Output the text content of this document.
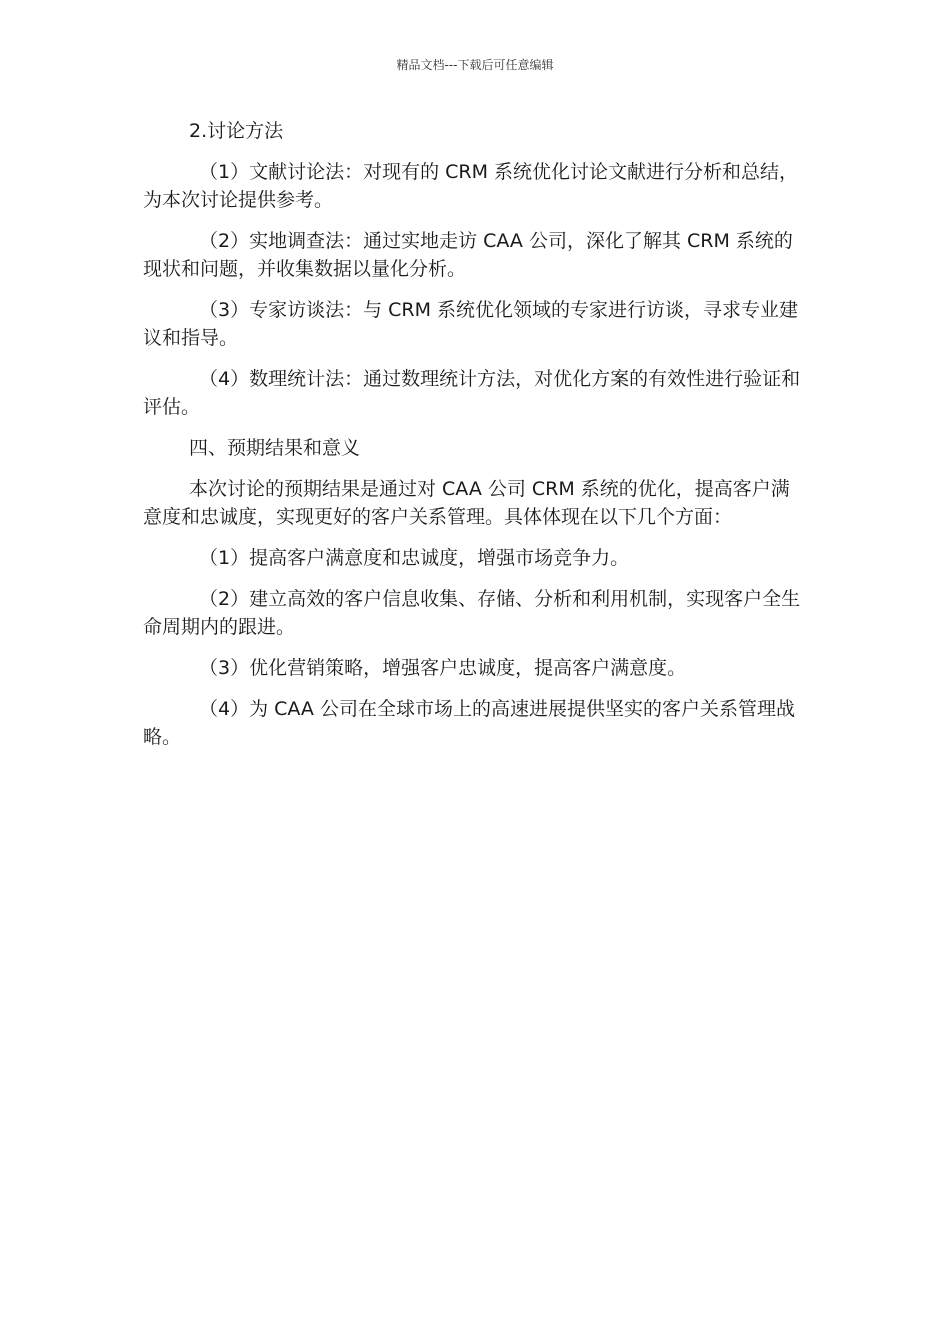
精品文档---下载后可任意编辑

2.讨论方法

（1）文献讨论法：对现有的 CRM 系统优化讨论文献进行分析和总结，为本次讨论提供参考。

（2）实地调查法：通过实地走访 CAA 公司，深化了解其 CRM 系统的现状和问题，并收集数据以量化分析。

（3）专家访谈法：与 CRM 系统优化领域的专家进行访谈，寻求专业建议和指导。

（4）数理统计法：通过数理统计方法，对优化方案的有效性进行验证和评估。

四、预期结果和意义

本次讨论的预期结果是通过对 CAA 公司 CRM 系统的优化，提高客户满意度和忠诚度，实现更好的客户关系管理。具体体现在以下几个方面：

（1）提高客户满意度和忠诚度，增强市场竞争力。

（2）建立高效的客户信息收集、存储、分析和利用机制，实现客户全生命周期内的跟进。

（3）优化营销策略，增强客户忠诚度，提高客户满意度。

（4）为 CAA 公司在全球市场上的高速进展提供坚实的客户关系管理战略。
